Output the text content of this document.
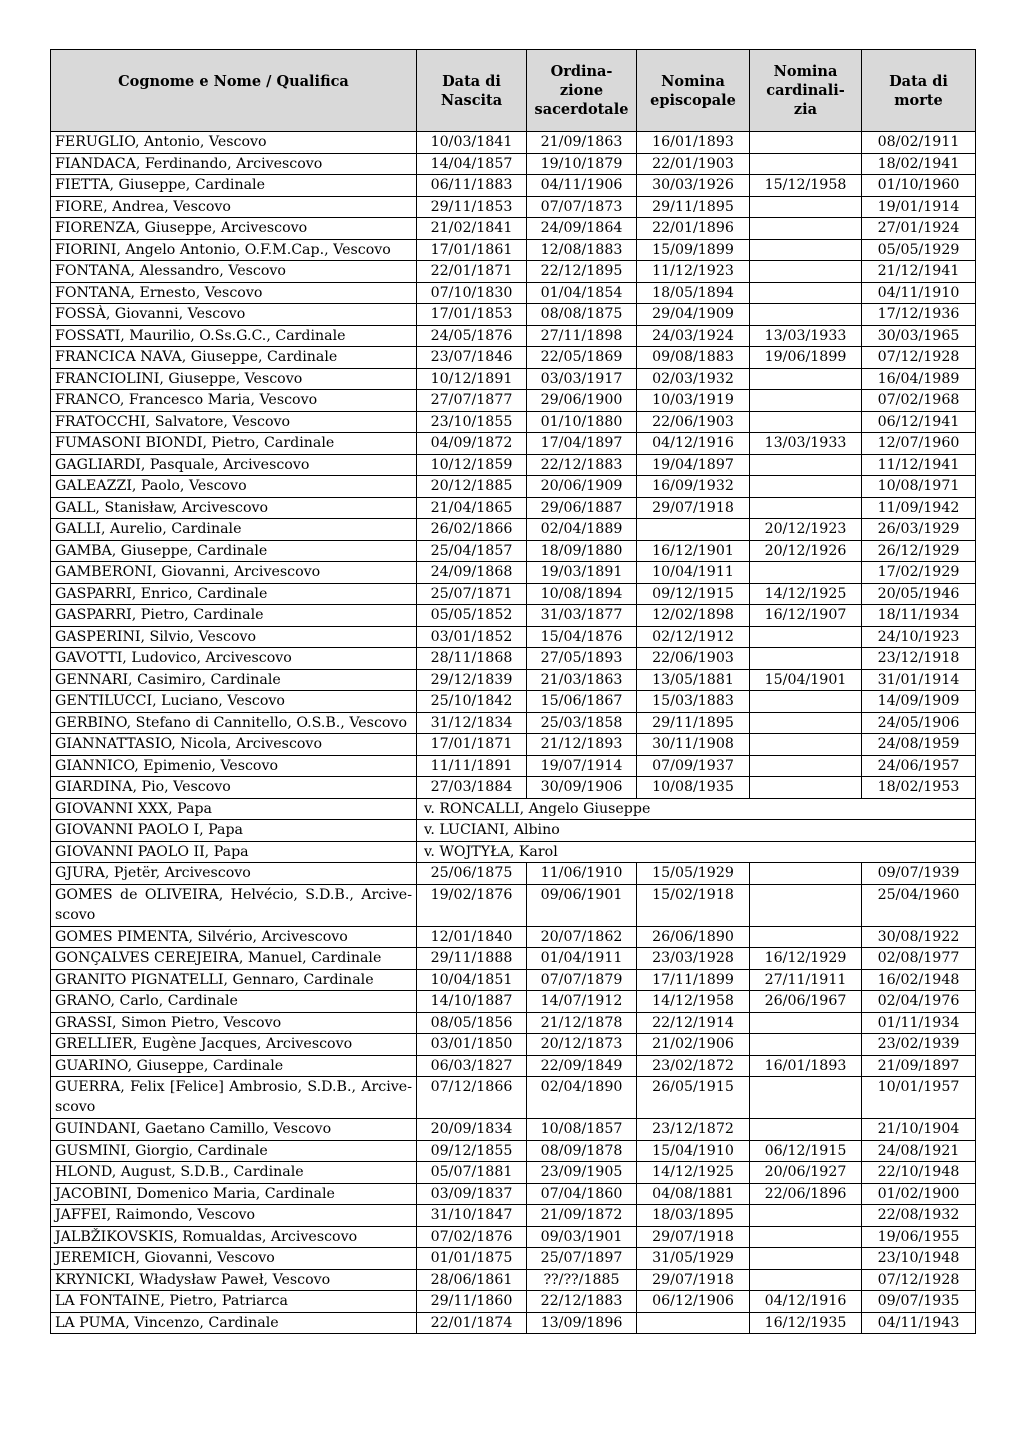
Cognome e Nome / Qualifica	Data di Nascita	Ordina- zione sacerdotale	Nomina episcopale	Nomina cardinali- zia	Data di morte
FERUGLIO, Antonio, Vescovo	10/03/1841	21/09/1863	16/01/1893		08/02/1911
FIANDACA, Ferdinando, Arcivescovo	14/04/1857	19/10/1879	22/01/1903		18/02/1941
FIETTA, Giuseppe, Cardinale	06/11/1883	04/11/1906	30/03/1926	15/12/1958	01/10/1960
FIORE, Andrea, Vescovo	29/11/1853	07/07/1873	29/11/1895		19/01/1914
FIORENZA, Giuseppe, Arcivescovo	21/02/1841	24/09/1864	22/01/1896		27/01/1924
FIORINI, Angelo Antonio, O.F.M.Cap., Vescovo	17/01/1861	12/08/1883	15/09/1899		05/05/1929
FONTANA, Alessandro, Vescovo	22/01/1871	22/12/1895	11/12/1923		21/12/1941
FONTANA, Ernesto, Vescovo	07/10/1830	01/04/1854	18/05/1894		04/11/1910
FOSSÀ, Giovanni, Vescovo	17/01/1853	08/08/1875	29/04/1909		17/12/1936
FOSSATI, Maurilio, O.Ss.G.C., Cardinale	24/05/1876	27/11/1898	24/03/1924	13/03/1933	30/03/1965
FRANCICA NAVA, Giuseppe, Cardinale	23/07/1846	22/05/1869	09/08/1883	19/06/1899	07/12/1928
FRANCIOLINI, Giuseppe, Vescovo	10/12/1891	03/03/1917	02/03/1932		16/04/1989
FRANCO, Francesco Maria, Vescovo	27/07/1877	29/06/1900	10/03/1919		07/02/1968
FRATOCCHI, Salvatore, Vescovo	23/10/1855	01/10/1880	22/06/1903		06/12/1941
FUMASONI BIONDI, Pietro, Cardinale	04/09/1872	17/04/1897	04/12/1916	13/03/1933	12/07/1960
GAGLIARDI, Pasquale, Arcivescovo	10/12/1859	22/12/1883	19/04/1897		11/12/1941
GALEAZZI, Paolo, Vescovo	20/12/1885	20/06/1909	16/09/1932		10/08/1971
GALL, Stanisław, Arcivescovo	21/04/1865	29/06/1887	29/07/1918		11/09/1942
GALLI, Aurelio, Cardinale	26/02/1866	02/04/1889		20/12/1923	26/03/1929
GAMBA, Giuseppe, Cardinale	25/04/1857	18/09/1880	16/12/1901	20/12/1926	26/12/1929
GAMBERONI, Giovanni, Arcivescovo	24/09/1868	19/03/1891	10/04/1911		17/02/1929
GASPARRI, Enrico, Cardinale	25/07/1871	10/08/1894	09/12/1915	14/12/1925	20/05/1946
GASPARRI, Pietro, Cardinale	05/05/1852	31/03/1877	12/02/1898	16/12/1907	18/11/1934
GASPERINI, Silvio, Vescovo	03/01/1852	15/04/1876	02/12/1912		24/10/1923
GAVOTTI, Ludovico, Arcivescovo	28/11/1868	27/05/1893	22/06/1903		23/12/1918
GENNARI, Casimiro, Cardinale	29/12/1839	21/03/1863	13/05/1881	15/04/1901	31/01/1914
GENTILUCCI, Luciano, Vescovo	25/10/1842	15/06/1867	15/03/1883		14/09/1909
GERBINO, Stefano di Cannitello, O.S.B., Vescovo	31/12/1834	25/03/1858	29/11/1895		24/05/1906
GIANNATTASIO, Nicola, Arcivescovo	17/01/1871	21/12/1893	30/11/1908		24/08/1959
GIANNICO, Epimenio, Vescovo	11/11/1891	19/07/1914	07/09/1937		24/06/1957
GIARDINA, Pio, Vescovo	27/03/1884	30/09/1906	10/08/1935		18/02/1953
GIOVANNI XXX, Papa	v. RONCALLI, Angelo Giuseppe				
GIOVANNI PAOLO I, Papa	v. LUCIANI, Albino				
GIOVANNI PAOLO II, Papa	v. WOJTYŁA, Karol				
GJURA, Pjetër, Arcivescovo	25/06/1875	11/06/1910	15/05/1929		09/07/1939
GOMES de OLIVEIRA, Helvécio, S.D.B., Arcive-scovo	19/02/1876	09/06/1901	15/02/1918		25/04/1960
GOMES PIMENTA, Silvério, Arcivescovo	12/01/1840	20/07/1862	26/06/1890		30/08/1922
GONÇALVES CEREJEIRA, Manuel, Cardinale	29/11/1888	01/04/1911	23/03/1928	16/12/1929	02/08/1977
GRANITO PIGNATELLI, Gennaro, Cardinale	10/04/1851	07/07/1879	17/11/1899	27/11/1911	16/02/1948
GRANO, Carlo, Cardinale	14/10/1887	14/07/1912	14/12/1958	26/06/1967	02/04/1976
GRASSI, Simon Pietro, Vescovo	08/05/1856	21/12/1878	22/12/1914		01/11/1934
GRELLIER, Eugène Jacques, Arcivescovo	03/01/1850	20/12/1873	21/02/1906		23/02/1939
GUARINO, Giuseppe, Cardinale	06/03/1827	22/09/1849	23/02/1872	16/01/1893	21/09/1897
GUERRA, Felix [Felice] Ambrosio, S.D.B., Arcive-scovo	07/12/1866	02/04/1890	26/05/1915		10/01/1957
GUINDANI, Gaetano Camillo, Vescovo	20/09/1834	10/08/1857	23/12/1872		21/10/1904
GUSMINI, Giorgio, Cardinale	09/12/1855	08/09/1878	15/04/1910	06/12/1915	24/08/1921
HLOND, August, S.D.B., Cardinale	05/07/1881	23/09/1905	14/12/1925	20/06/1927	22/10/1948
JACOBINI, Domenico Maria, Cardinale	03/09/1837	07/04/1860	04/08/1881	22/06/1896	01/02/1900
JAFFEI, Raimondo, Vescovo	31/10/1847	21/09/1872	18/03/1895		22/08/1932
JALBŽIKOVSKIS, Romualdas, Arcivescovo	07/02/1876	09/03/1901	29/07/1918		19/06/1955
JEREMICH, Giovanni, Vescovo	01/01/1875	25/07/1897	31/05/1929		23/10/1948
KRYNICKI, Władysław Paweł, Vescovo	28/06/1861	??/??/1885	29/07/1918		07/12/1928
LA FONTAINE, Pietro, Patriarca	29/11/1860	22/12/1883	06/12/1906	04/12/1916	09/07/1935
LA PUMA, Vincenzo, Cardinale	22/01/1874	13/09/1896		16/12/1935	04/11/1943
